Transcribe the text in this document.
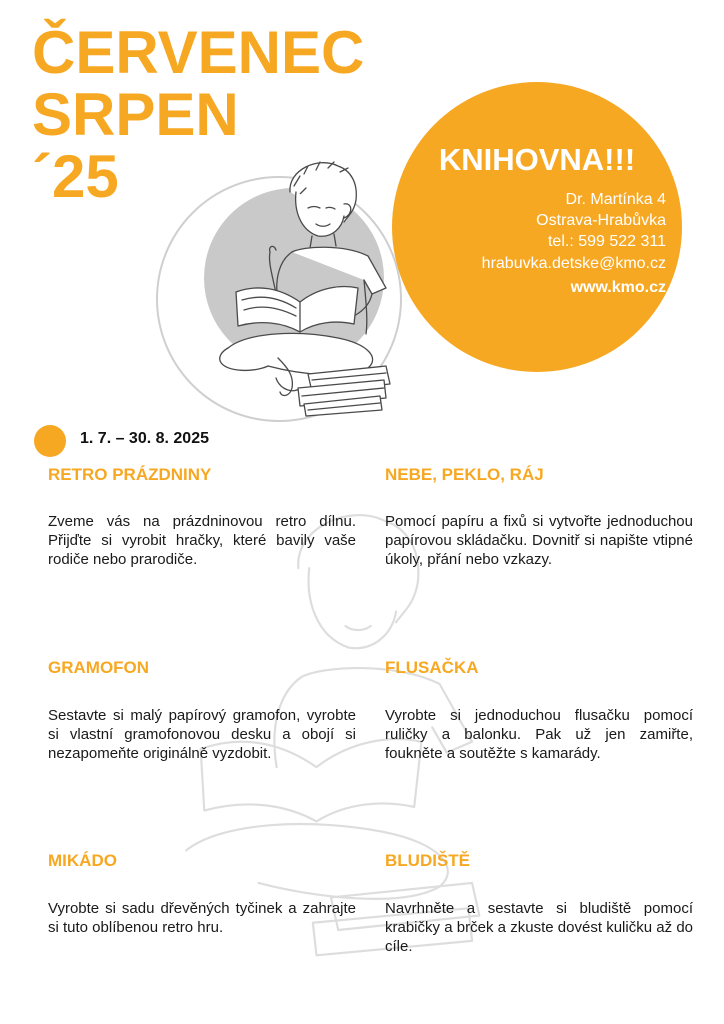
ČERVENEC
SRPEN
´25	KNIHOVNA!!!
Dr. Martínka 4
Ostrava-Hrabůvka
tel.: 599 522 311
hrabuvka.detske@kmo.cz
www.kmo.cz
1. 7. – 30. 8. 2025
RETRO PRÁZDNINY
Zveme vás na prázdninovou retro dílnu. Přijďte si vyrobit hračky, které bavily vaše rodiče nebo prarodiče.
NEBE, PEKLO, RÁJ
Pomocí papíru a fixů si vytvořte jednoduchou papírovou skládačku. Dovnitř si napište vtipné úkoly, přání nebo vzkazy.
GRAMOFON
Sestavte si malý papírový gramofon, vyrobte si vlastní gramofonovou desku a obojí si nezapomeňte originálně vyzdobit.
FLUSAČKA
Vyrobte si jednoduchou flusačku pomocí ruličky a balonku. Pak už jen zamiřte, foukněte a soutěžte s kamarády.
MIKÁDO
Vyrobte si sadu dřevěných tyčinek a zahrajte si tuto oblíbenou retro hru.
BLUDIŠTĚ
Navrhněte a sestavte si bludiště pomocí krabičky a brček a zkuste dovést kuličku až do cíle.
